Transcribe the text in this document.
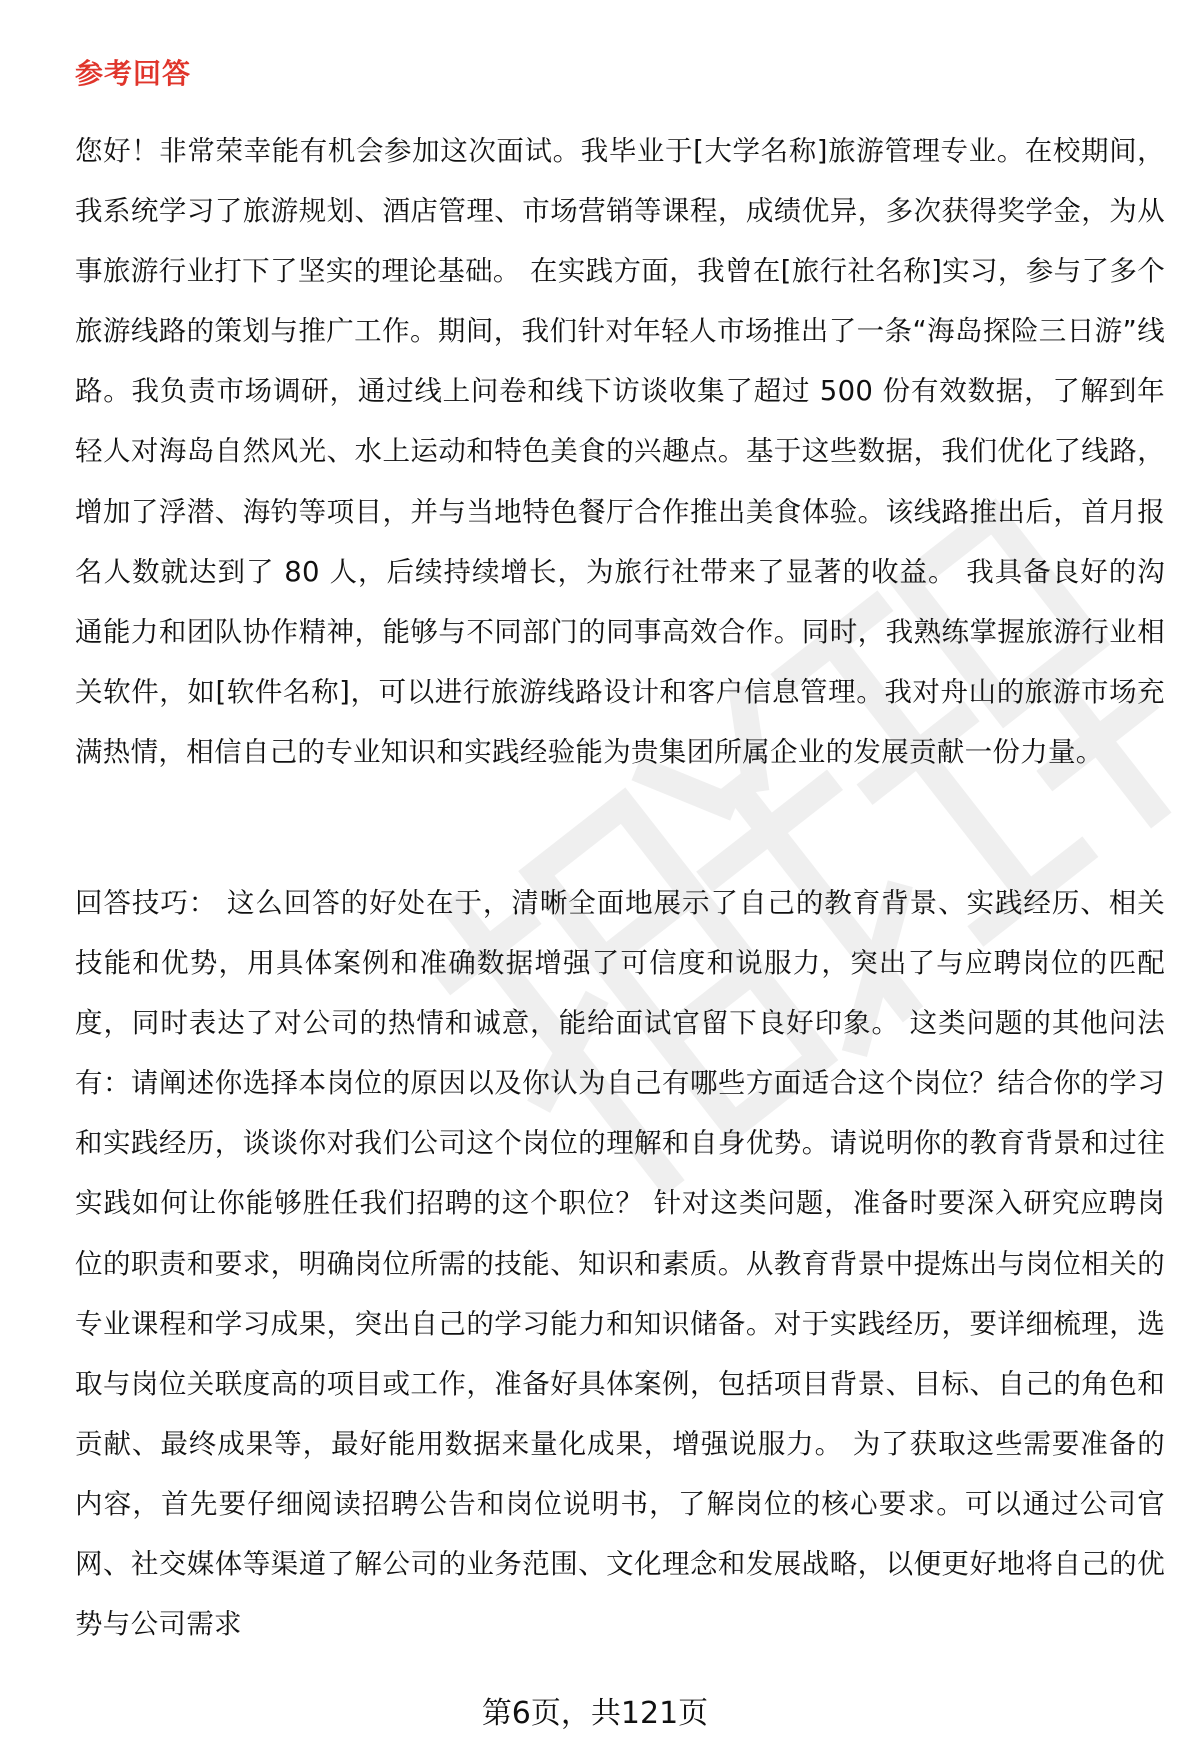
参考回答

您好！非常荣幸能有机会参加这次面试。我毕业于[大学名称]旅游管理专业。在校期间，我系统学习了旅游规划、酒店管理、市场营销等课程，成绩优异，多次获得奖学金，为从事旅游行业打下了坚实的理论基础。 在实践方面，我曾在[旅行社名称]实习，参与了多个旅游线路的策划与推广工作。期间，我们针对年轻人市场推出了一条“海岛探险三日游”线路。我负责市场调研，通过线上问卷和线下访谈收集了超过 500 份有效数据，了解到年轻人对海岛自然风光、水上运动和特色美食的兴趣点。基于这些数据，我们优化了线路，增加了浮潜、海钓等项目，并与当地特色餐厅合作推出美食体验。该线路推出后，首月报名人数就达到了 80 人，后续持续增长，为旅行社带来了显著的收益。 我具备良好的沟通能力和团队协作精神，能够与不同部门的同事高效合作。同时，我熟练掌握旅游行业相关软件，如[软件名称]，可以进行旅游线路设计和客户信息管理。我对舟山的旅游市场充满热情，相信自己的专业知识和实践经验能为贵集团所属企业的发展贡献一份力量。

回答技巧： 这么回答的好处在于，清晰全面地展示了自己的教育背景、实践经历、相关技能和优势，用具体案例和准确数据增强了可信度和说服力，突出了与应聘岗位的匹配度，同时表达了对公司的热情和诚意，能给面试官留下良好印象。 这类问题的其他问法有：请阐述你选择本岗位的原因以及你认为自己有哪些方面适合这个岗位？结合你的学习和实践经历，谈谈你对我们公司这个岗位的理解和自身优势。请说明你的教育背景和过往实践如何让你能够胜任我们招聘的这个职位？ 针对这类问题，准备时要深入研究应聘岗位的职责和要求，明确岗位所需的技能、知识和素质。从教育背景中提炼出与岗位相关的专业课程和学习成果，突出自己的学习能力和知识储备。对于实践经历，要详细梳理，选取与岗位关联度高的项目或工作，准备好具体案例，包括项目背景、目标、自己的角色和贡献、最终成果等，最好能用数据来量化成果，增强说服力。 为了获取这些需要准备的内容，首先要仔细阅读招聘公告和岗位说明书，了解岗位的核心要求。可以通过公司官网、社交媒体等渠道了解公司的业务范围、文化理念和发展战略，以便更好地将自己的优势与公司需求

第6页，共121页
